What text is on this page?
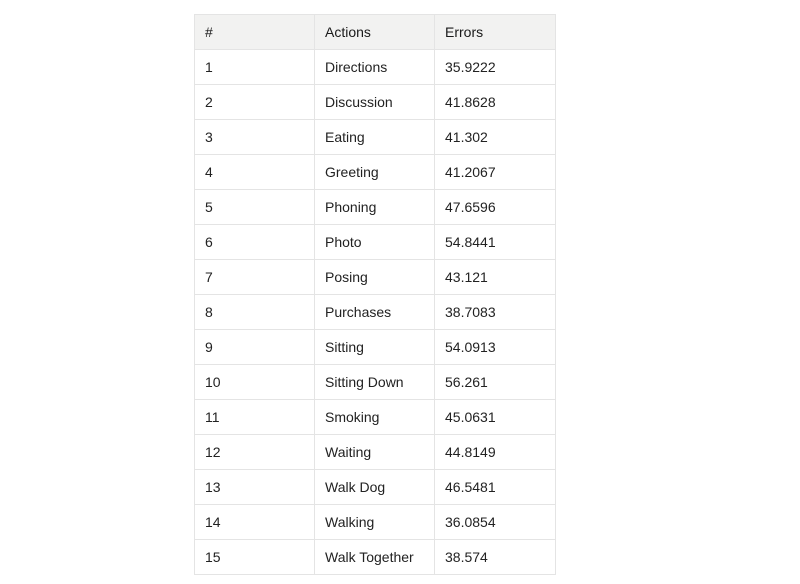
#	Actions	Errors
1	Directions	35.9222
2	Discussion	41.8628
3	Eating	41.302
4	Greeting	41.2067
5	Phoning	47.6596
6	Photo	54.8441
7	Posing	43.121
8	Purchases	38.7083
9	Sitting	54.0913
10	Sitting Down	56.261
11	Smoking	45.0631
12	Waiting	44.8149
13	Walk Dog	46.5481
14	Walking	36.0854
15	Walk Together	38.574
